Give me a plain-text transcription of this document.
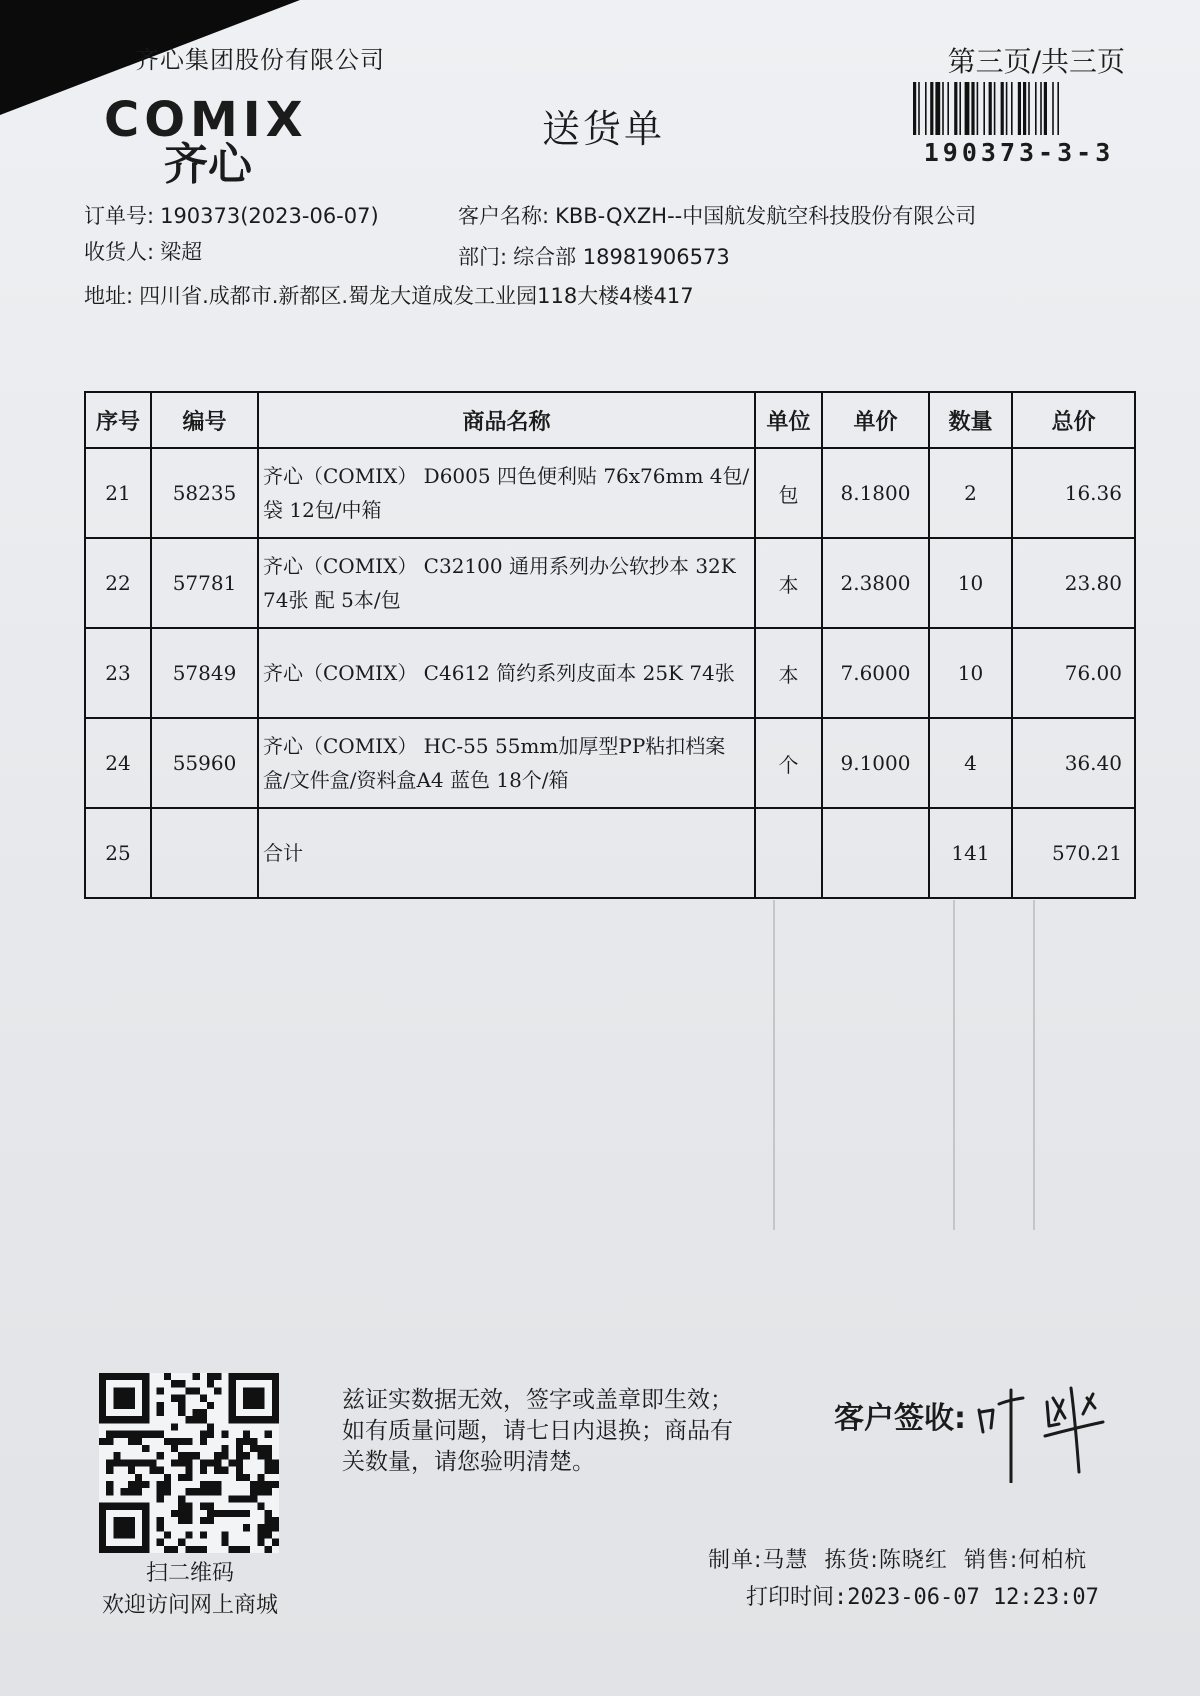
齐心集团股份有限公司	第三页/共三页
190373-3-3
COMIX
齐心
送货单
订单号: 190373(2023-06-07)	客户名称: KBB-QXZH--中国航发航空科技股份有限公司
收货人: 梁超	部门: 综合部 18981906573
地址: 四川省.成都市.新都区.蜀龙大道成发工业园118大楼4楼417
序号	编号	商品名称	单位	单价	数量	总价
21	58235	齐心（COMIX） D6005 四色便利贴 76x76mm 4包/袋 12包/中箱	包	8.1800	2	16.36
22	57781	齐心（COMIX） C32100 通用系列办公软抄本 32K 74张 配 5本/包	本	2.3800	10	23.80
23	57849	齐心（COMIX） C4612 简约系列皮面本 25K 74张	本	7.6000	10	76.00
24	55960	齐心（COMIX） HC-55 55mm加厚型PP粘扣档案盒/文件盒/资料盒A4 蓝色 18个/箱	个	9.1000	4	36.40
25		合计			141	570.21
扫二维码
欢迎访问网上商城
兹证实数据无效，签字或盖章即生效；如有质量问题，请七日内退换；商品有关数量，请您验明清楚。
客户签收:
制单:马慧 拣货:陈晓红 销售:何柏杭
打印时间:2023-06-07 12:23:07
